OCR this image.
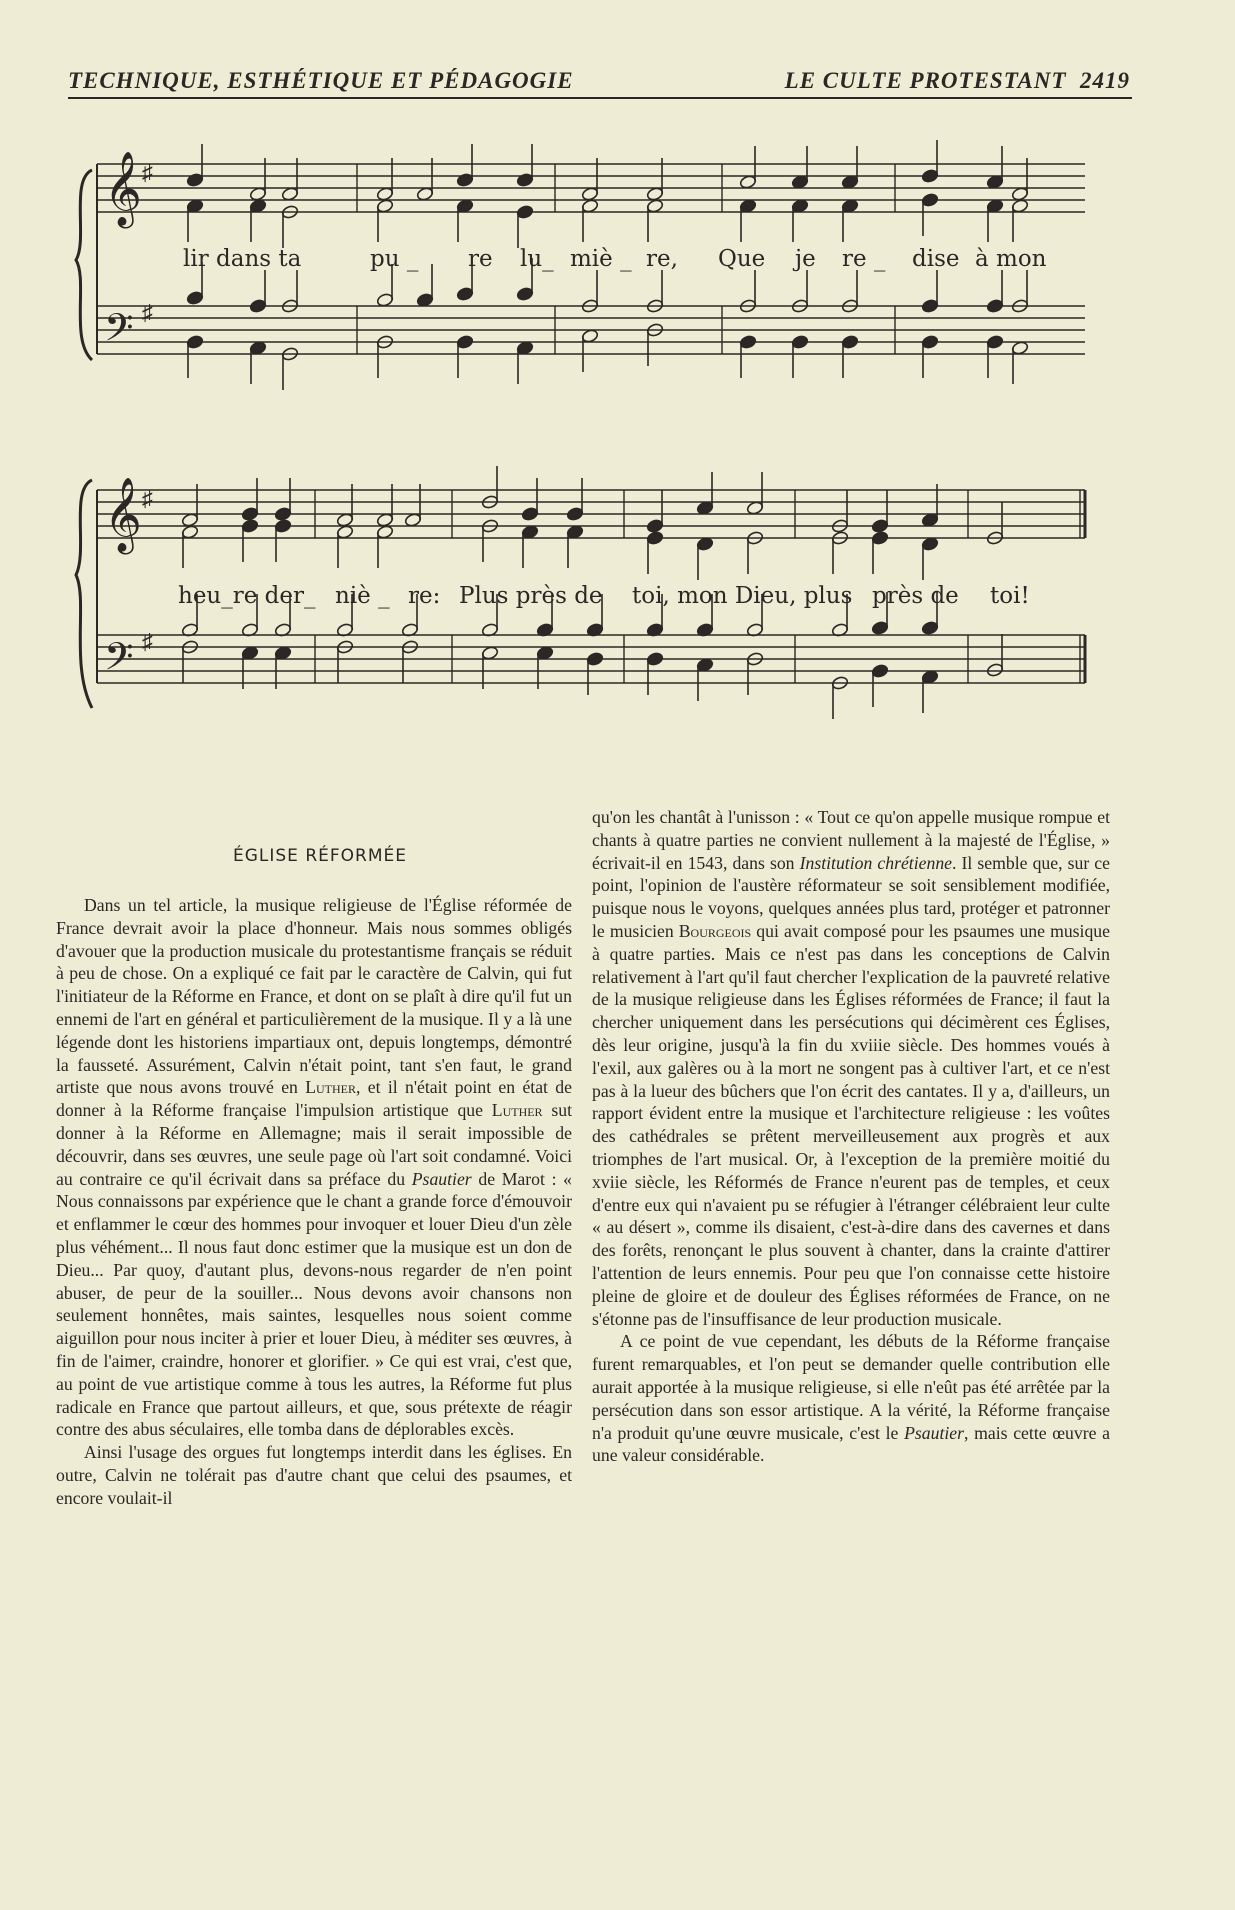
TECHNIQUE, ESTHÉTIQUE ET PÉDAGOGIE	LE CULTE PROTESTANT 2419
𝄞
𝄢
♯
♯
lir dans ta	pu _ re lu_ miè _ re, Que je re _ dise à mon
𝄞
𝄢
♯
♯
heu_re der_ niè _ re: Plus près de toi, mon Dieu, plus près de toi!
ÉGLISE RÉFORMÉE

Dans un tel article, la musique religieuse de l'Église réformée de France devrait avoir la place d'honneur. Mais nous sommes obligés d'avouer que la production musicale du protestantisme français se réduit à peu de chose. On a expliqué ce fait par le caractère de Calvin, qui fut l'initiateur de la Réforme en France, et dont on se plaît à dire qu'il fut un ennemi de l'art en général et particulièrement de la musique. Il y a là une légende dont les historiens impartiaux ont, depuis longtemps, démontré la fausseté. Assurément, Calvin n'était point, tant s'en faut, le grand artiste que nous avons trouvé en Luther, et il n'était point en état de donner à la Réforme française l'impulsion artistique que Luther sut donner à la Réforme en Allemagne; mais il serait impossible de découvrir, dans ses œuvres, une seule page où l'art soit condamné. Voici au contraire ce qu'il écrivait dans sa préface du Psautier de Marot : « Nous connaissons par expérience que le chant a grande force d'émouvoir et enflammer le cœur des hommes pour invoquer et louer Dieu d'un zèle plus véhément... Il nous faut donc estimer que la musique est un don de Dieu... Par quoy, d'autant plus, devons-nous regarder de n'en point abuser, de peur de la souiller... Nous devons avoir chansons non seulement honnêtes, mais saintes, lesquelles nous soient comme aiguillon pour nous inciter à prier et louer Dieu, à méditer ses œuvres, à fin de l'aimer, craindre, honorer et glorifier. » Ce qui est vrai, c'est que, au point de vue artistique comme à tous les autres, la Réforme fut plus radicale en France que partout ailleurs, et que, sous prétexte de réagir contre des abus séculaires, elle tomba dans de déplorables excès.

Ainsi l'usage des orgues fut longtemps interdit dans les églises. En outre, Calvin ne tolérait pas d'autre chant que celui des psaumes, et encore voulait-il

qu'on les chantât à l'unisson : « Tout ce qu'on appelle musique rompue et chants à quatre parties ne convient nullement à la majesté de l'Église, » écrivait-il en 1543, dans son Institution chrétienne. Il semble que, sur ce point, l'opinion de l'austère réformateur se soit sensiblement modifiée, puisque nous le voyons, quelques années plus tard, protéger et patronner le musicien Bourgeois qui avait composé pour les psaumes une musique à quatre parties. Mais ce n'est pas dans les conceptions de Calvin relativement à l'art qu'il faut chercher l'explication de la pauvreté relative de la musique religieuse dans les Églises réformées de France; il faut la chercher uniquement dans les persécutions qui décimèrent ces Églises, dès leur origine, jusqu'à la fin du xviiie siècle. Des hommes voués à l'exil, aux galères ou à la mort ne songent pas à cultiver l'art, et ce n'est pas à la lueur des bûchers que l'on écrit des cantates. Il y a, d'ailleurs, un rapport évident entre la musique et l'architecture religieuse : les voûtes des cathédrales se prêtent merveilleusement aux progrès et aux triomphes de l'art musical. Or, à l'exception de la première moitié du xviie siècle, les Réformés de France n'eurent pas de temples, et ceux d'entre eux qui n'avaient pu se réfugier à l'étranger célébraient leur culte « au désert », comme ils disaient, c'est-à-dire dans des cavernes et dans des forêts, renonçant le plus souvent à chanter, dans la crainte d'attirer l'attention de leurs ennemis. Pour peu que l'on connaisse cette histoire pleine de gloire et de douleur des Églises réformées de France, on ne s'étonne pas de l'insuffisance de leur production musicale.

A ce point de vue cependant, les débuts de la Réforme française furent remarquables, et l'on peut se demander quelle contribution elle aurait apportée à la musique religieuse, si elle n'eût pas été arrêtée par la persécution dans son essor artistique. A la vérité, la Réforme française n'a produit qu'une œuvre musicale, c'est le Psautier, mais cette œuvre a une valeur considérable.
